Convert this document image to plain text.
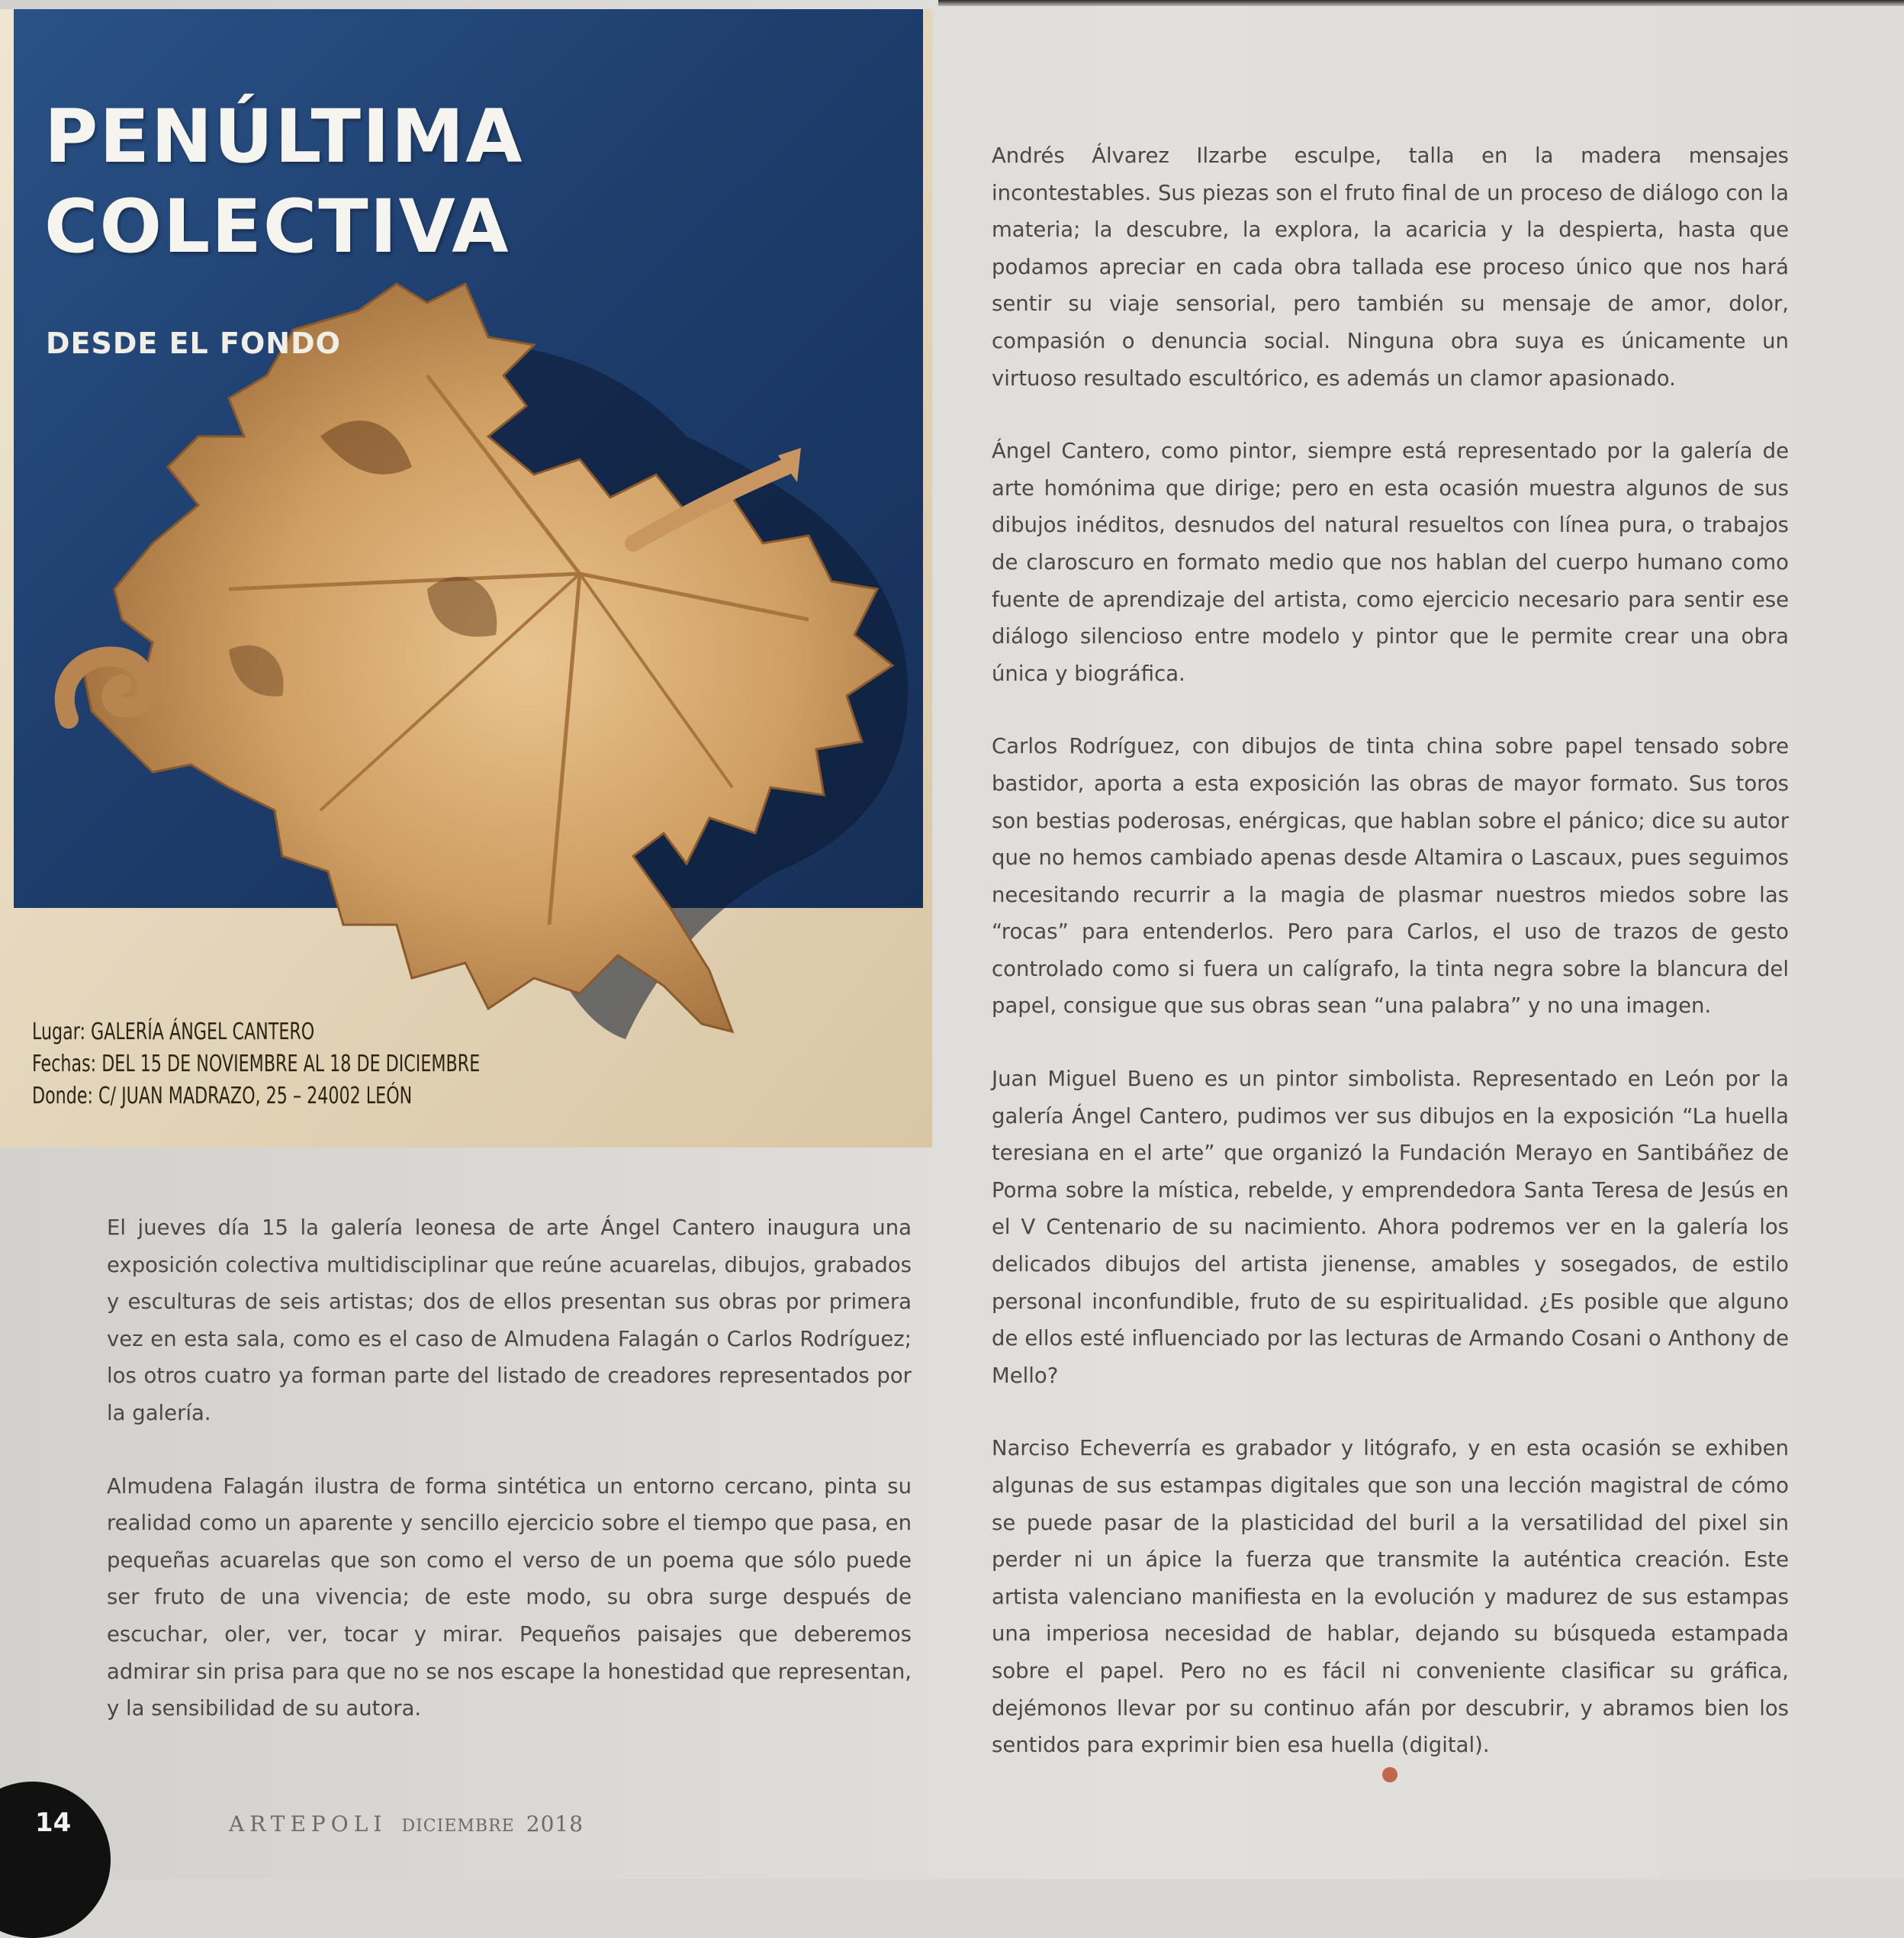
PENÚLTIMA
COLECTIVA
DESDE EL FONDO
Lugar: GALERÍA ÁNGEL CANTERO
Fechas: DEL 15 DE NOVIEMBRE AL 18 DE DICIEMBRE
Donde: C/ JUAN MADRAZO, 25 – 24002 LEÓN

El jueves día 15 la galería leonesa de arte Ángel Cantero inaugura una exposición colectiva multidisciplinar que reúne acuarelas, dibujos, grabados y esculturas de seis artistas; dos de ellos presentan sus obras por primera vez en esta sala, como es el caso de Almudena Falagán o Carlos Rodríguez; los otros cuatro ya forman parte del listado de creadores representados por la galería.

Almudena Falagán ilustra de forma sintética un entorno cercano, pinta su realidad como un aparente y sencillo ejercicio sobre el tiempo que pasa, en pequeñas acuarelas que son como el verso de un poema que sólo puede ser fruto de una vivencia; de este modo, su obra surge después de escuchar, oler, ver, tocar y mirar. Pequeños paisajes que deberemos admirar sin prisa para que no se nos escape la honestidad que representan, y la sensibilidad de su autora.

Andrés Álvarez Ilzarbe esculpe, talla en la madera mensajes incontestables. Sus piezas son el fruto final de un proceso de diálogo con la materia; la descubre, la explora, la acaricia y la despierta, hasta que podamos apreciar en cada obra tallada ese proceso único que nos hará sentir su viaje sensorial, pero también su mensaje de amor, dolor, compasión o denuncia social. Ninguna obra suya es únicamente un virtuoso resultado escultórico, es además un clamor apasionado.

Ángel Cantero, como pintor, siempre está representado por la galería de arte homónima que dirige; pero en esta ocasión muestra algunos de sus dibujos inéditos, desnudos del natural resueltos con línea pura, o trabajos de claroscuro en formato medio que nos hablan del cuerpo humano como fuente de aprendizaje del artista, como ejercicio necesario para sentir ese diálogo silencioso entre modelo y pintor que le permite crear una obra única y biográfica.

Carlos Rodríguez, con dibujos de tinta china sobre papel tensado sobre bastidor, aporta a esta exposición las obras de mayor formato. Sus toros son bestias poderosas, enérgicas, que hablan sobre el pánico; dice su autor que no hemos cambiado apenas desde Altamira o Lascaux, pues seguimos necesitando recurrir a la magia de plasmar nuestros miedos sobre las “rocas” para entenderlos. Pero para Carlos, el uso de trazos de gesto controlado como si fuera un calígrafo, la tinta negra sobre la blancura del papel, consigue que sus obras sean “una palabra” y no una imagen.

Juan Miguel Bueno es un pintor simbolista. Representado en León por la galería Ángel Cantero, pudimos ver sus dibujos en la exposición “La huella teresiana en el arte” que organizó la Fundación Merayo en Santibáñez de Porma sobre la mística, rebelde, y emprendedora Santa Teresa de Jesús en el V Centenario de su nacimiento. Ahora podremos ver en la galería los delicados dibujos del artista jienense, amables y sosegados, de estilo personal inconfundible, fruto de su espiritualidad. ¿Es posible que alguno de ellos esté influenciado por las lecturas de Armando Cosani o Anthony de Mello?

Narciso Echeverría es grabador y litógrafo, y en esta ocasión se exhiben algunas de sus estampas digitales que son una lección magistral de cómo se puede pasar de la plasticidad del buril a la versatilidad del pixel sin perder ni un ápice la fuerza que transmite la auténtica creación. Este artista valenciano manifiesta en la evolución y madurez de sus estampas una imperiosa necesidad de hablar, dejando su búsqueda estampada sobre el papel. Pero no es fácil ni conveniente clasificar su gráfica, dejémonos llevar por su continuo afán por descubrir, y abramos bien los sentidos para exprimir bien esa huella (digital).

14	ARTEPOLI DICIEMBRE 2018
